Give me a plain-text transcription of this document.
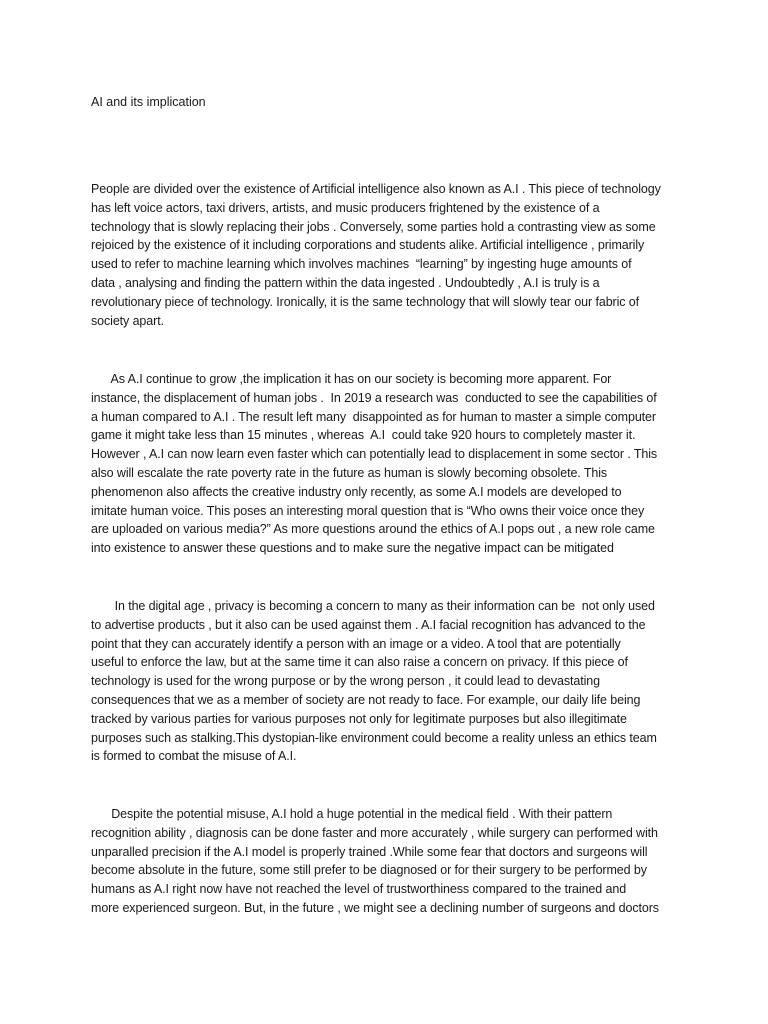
AI and its implication

People are divided over the existence of Artificial intelligence also known as A.I . This piece of technology
has left voice actors, taxi drivers, artists, and music producers frightened by the existence of a
technology that is slowly replacing their jobs . Conversely, some parties hold a contrasting view as some
rejoiced by the existence of it including corporations and students alike. Artificial intelligence , primarily
used to refer to machine learning which involves machines  “learning” by ingesting huge amounts of
data , analysing and finding the pattern within the data ingested . Undoubtedly , A.I is truly is a
revolutionary piece of technology. Ironically, it is the same technology that will slowly tear our fabric of
society apart.

As A.I continue to grow ,the implication it has on our society is becoming more apparent. For
instance, the displacement of human jobs .  In 2019 a research was  conducted to see the capabilities of
a human compared to A.I . The result left many  disappointed as for human to master a simple computer
game it might take less than 15 minutes , whereas  A.I  could take 920 hours to completely master it.
However , A.I can now learn even faster which can potentially lead to displacement in some sector . This
also will escalate the rate poverty rate in the future as human is slowly becoming obsolete. This
phenomenon also affects the creative industry only recently, as some A.I models are developed to
imitate human voice. This poses an interesting moral question that is “Who owns their voice once they
are uploaded on various media?” As more questions around the ethics of A.I pops out , a new role came
into existence to answer these questions and to make sure the negative impact can be mitigated

In the digital age , privacy is becoming a concern to many as their information can be  not only used
to advertise products , but it also can be used against them . A.I facial recognition has advanced to the
point that they can accurately identify a person with an image or a video. A tool that are potentially
useful to enforce the law, but at the same time it can also raise a concern on privacy. If this piece of
technology is used for the wrong purpose or by the wrong person , it could lead to devastating
consequences that we as a member of society are not ready to face. For example, our daily life being
tracked by various parties for various purposes not only for legitimate purposes but also illegitimate
purposes such as stalking.This dystopian-like environment could become a reality unless an ethics team
is formed to combat the misuse of A.I.

Despite the potential misuse, A.I hold a huge potential in the medical field . With their pattern
recognition ability , diagnosis can be done faster and more accurately , while surgery can performed with
unparalled precision if the A.I model is properly trained .While some fear that doctors and surgeons will
become absolute in the future, some still prefer to be diagnosed or for their surgery to be performed by
humans as A.I right now have not reached the level of trustworthiness compared to the trained and
more experienced surgeon. But, in the future , we might see a declining number of surgeons and doctors
